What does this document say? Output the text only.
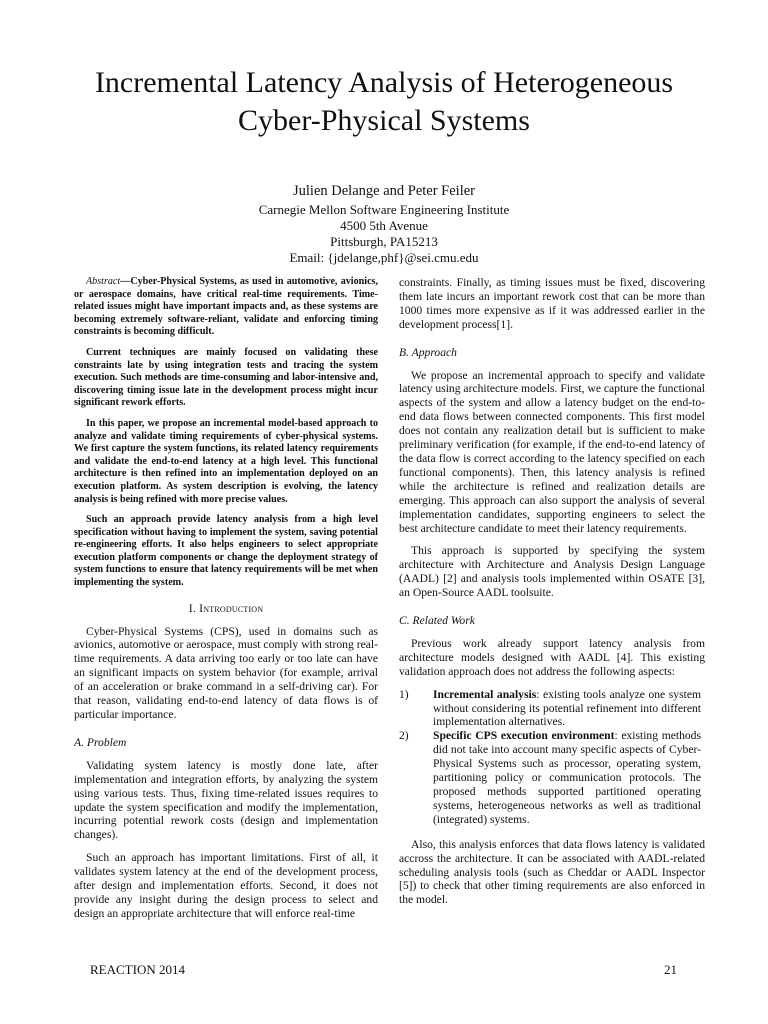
Incremental Latency Analysis of Heterogeneous
Cyber-Physical Systems
Julien Delange and Peter Feiler
Carnegie Mellon Software Engineering Institute
4500 5th Avenue
Pittsburgh, PA15213
Email: {jdelange,phf}@sei.cmu.edu

Abstract—Cyber-Physical Systems, as used in automotive, avionics, or aerospace domains, have critical real-time requirements. Time-related issues might have important impacts and, as these systems are becoming extremely software-reliant, validate and enforcing timing constraints is becoming difficult.

Current techniques are mainly focused on validating these constraints late by using integration tests and tracing the system execution. Such methods are time-consuming and labor-intensive and, discovering timing issue late in the development process might incur significant rework efforts.

In this paper, we propose an incremental model-based approach to analyze and validate timing requirements of cyber-physical systems. We first capture the system functions, its related latency requirements and validate the end-to-end latency at a high level. This functional architecture is then refined into an implementation deployed on an execution platform. As system description is evolving, the latency analysis is being refined with more precise values.

Such an approach provide latency analysis from a high level specification without having to implement the system, saving potential re-engineering efforts. It also helps engineers to select appropriate execution platform components or change the deployment strategy of system functions to ensure that latency requirements will be met when implementing the system.

I. Introduction

Cyber-Physical Systems (CPS), used in domains such as avionics, automotive or aerospace, must comply with strong real-time requirements. A data arriving too early or too late can have an significant impacts on system behavior (for example, arrival of an acceleration or brake command in a self-driving car). For that reason, validating end-to-end latency of data flows is of particular importance.

A. Problem

Validating system latency is mostly done late, after implementation and integration efforts, by analyzing the system using various tests. Thus, fixing time-related issues requires to update the system specification and modify the implementation, incurring potential rework costs (design and implementation changes).

Such an approach has important limitations. First of all, it validates system latency at the end of the development process, after design and implementation efforts. Second, it does not provide any insight during the design process to select and design an appropriate architecture that will enforce real-time

constraints. Finally, as timing issues must be fixed, discovering them late incurs an important rework cost that can be more than 1000 times more expensive as if it was addressed earlier in the development process[1].

B. Approach

We propose an incremental approach to specify and validate latency using architecture models. First, we capture the functional aspects of the system and allow a latency budget on the end-to-end data flows between connected components. This first model does not contain any realization detail but is sufficient to make preliminary verification (for example, if the end-to-end latency of the data flow is correct according to the latency specified on each functional components). Then, this latency analysis is refined while the architecture is refined and realization details are emerging. This approach can also support the analysis of several implementation candidates, supporting engineers to select the best architecture candidate to meet their latency requirements.

This approach is supported by specifying the system architecture with Architecture and Analysis Design Language (AADL) [2] and analysis tools implemented within OSATE [3], an Open-Source AADL toolsuite.

C. Related Work

Previous work already support latency analysis from architecture models designed with AADL [4]. This existing validation approach does not address the following aspects:

1) Incremental analysis: existing tools analyze one system without considering its potential refinement into different implementation alternatives.
2) Specific CPS execution environment: existing methods did not take into account many specific aspects of Cyber-Physical Systems such as processor, operating system, partitioning policy or communication protocols. The proposed methods supported partitioned operating systems, heterogeneous networks as well as traditional (integrated) systems.

Also, this analysis enforces that data flows latency is validated accross the architecture. It can be associated with AADL-related scheduling analysis tools (such as Cheddar or AADL Inspector [5]) to check that other timing requirements are also enforced in the model.

REACTION 2014	21
